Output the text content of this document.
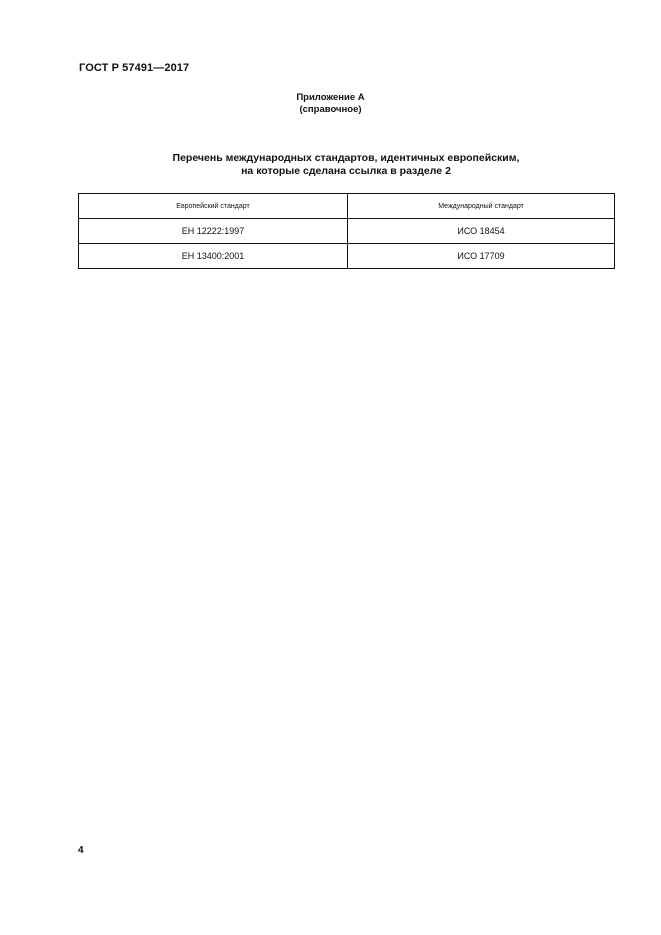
ГОСТ Р 57491—2017
Приложение А
(справочное)
Перечень международных стандартов, идентичных европейским,
на которые сделана ссылка в разделе 2
Европейский стандарт	Международный стандарт
ЕН 12222:1997	ИСО 18454
ЕН 13400:2001	ИСО 17709
4
